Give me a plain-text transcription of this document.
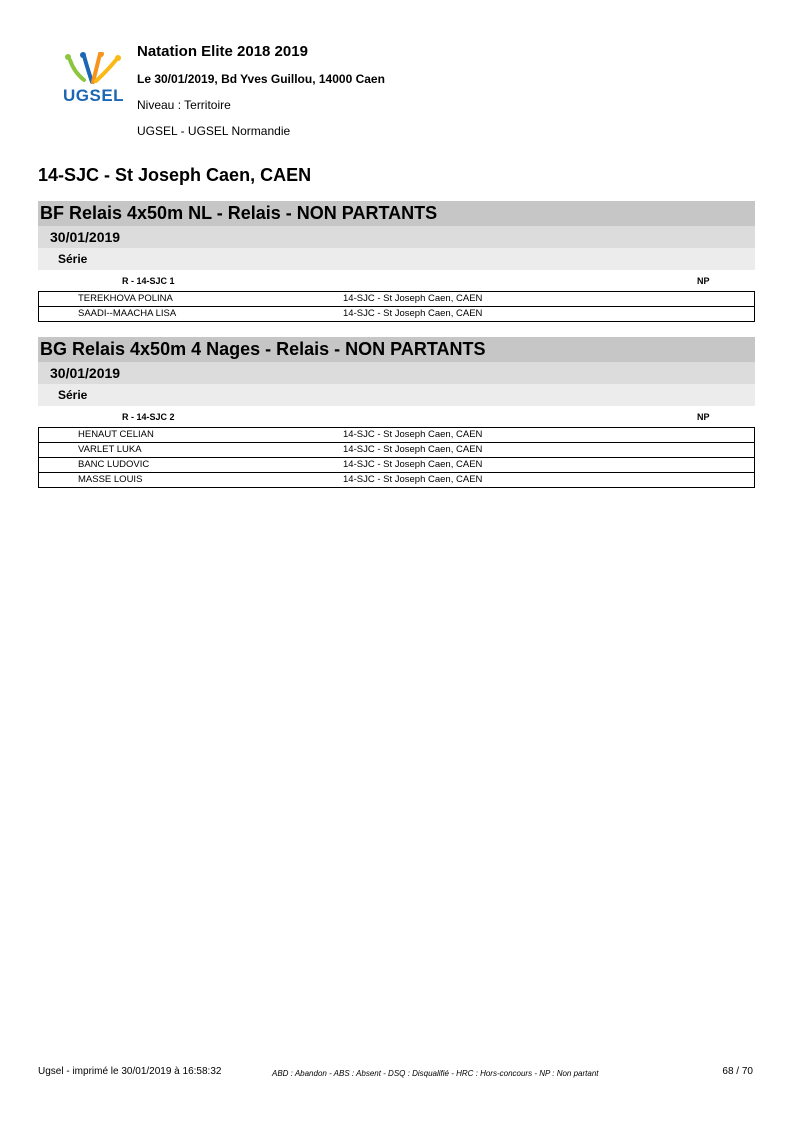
UGSEL
Natation Elite 2018 2019
Le 30/01/2019, Bd Yves Guillou, 14000 Caen
Niveau : Territoire
UGSEL - UGSEL Normandie
14-SJC - St Joseph Caen, CAEN
BF Relais 4x50m NL - Relais - NON PARTANTS
30/01/2019
Série
R - 14-SJC 1	NP
TEREKHOVA POLINA	14-SJC - St Joseph Caen, CAEN
SAADI--MAACHA LISA	14-SJC - St Joseph Caen, CAEN
BG Relais 4x50m 4 Nages - Relais - NON PARTANTS
30/01/2019
Série
R - 14-SJC 2	NP
HENAUT CELIAN	14-SJC - St Joseph Caen, CAEN
VARLET LUKA	14-SJC - St Joseph Caen, CAEN
BANC LUDOVIC	14-SJC - St Joseph Caen, CAEN
MASSE LOUIS	14-SJC - St Joseph Caen, CAEN
Ugsel - imprimé le 30/01/2019 à 16:58:32	ABD : Abandon - ABS : Absent - DSQ : Disqualifié - HRC : Hors-concours - NP : Non partant	68 / 70
